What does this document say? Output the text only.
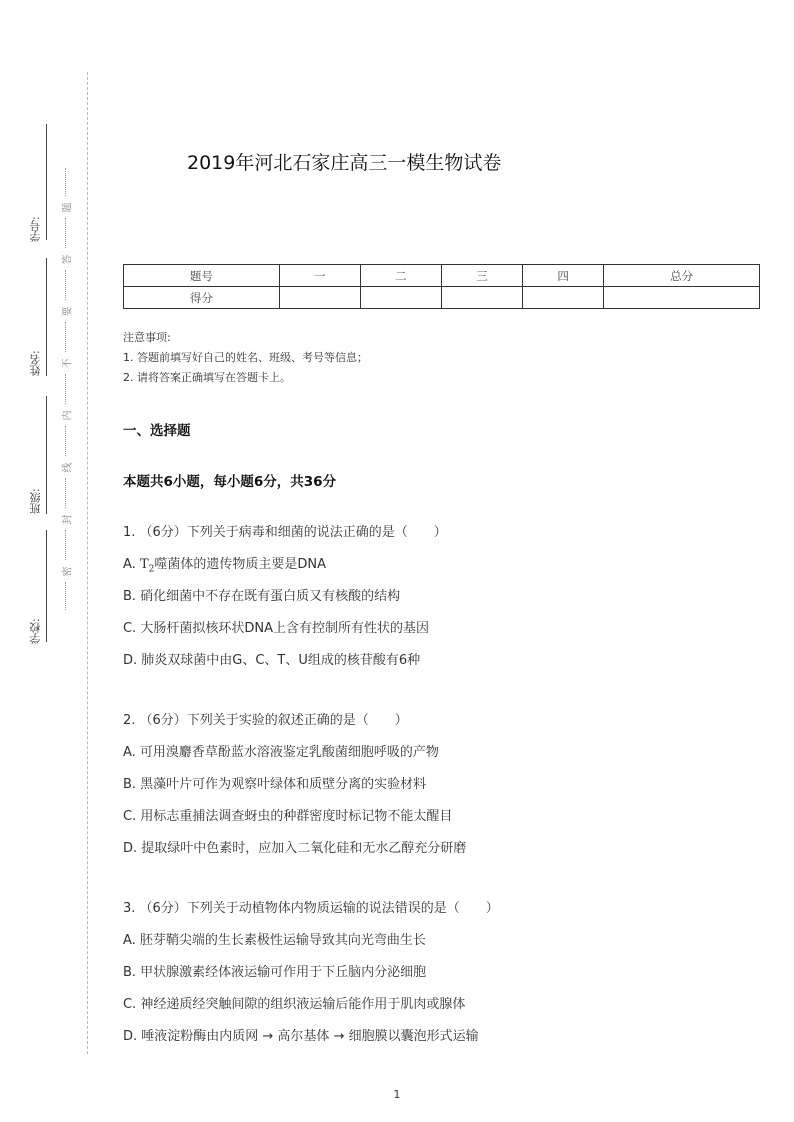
学号:
姓名:
班级:
学校:
题
答
要
不
内
线
封
密
2019年河北石家庄高三一模生物试卷
题号	一	二	三	四	总分
得分					
注意事项:
1. 答题前填写好自己的姓名、班级、考号等信息；
2. 请将答案正确填写在答题卡上。
一、选择题
本题共6小题，每小题6分，共36分
1. （6分）下列关于病毒和细菌的说法正确的是（　　）
A. $T_2$噬菌体的遗传物质主要是DNA
B. 硝化细菌中不存在既有蛋白质又有核酸的结构
C. 大肠杆菌拟核环状DNA上含有控制所有性状的基因
D. 肺炎双球菌中由G、C、T、U组成的核苷酸有6种
2. （6分）下列关于实验的叙述正确的是（　　）
A. 可用溴麝香草酚蓝水溶液鉴定乳酸菌细胞呼吸的产物
B. 黑藻叶片可作为观察叶绿体和质壁分离的实验材料
C. 用标志重捕法调查蚜虫的种群密度时标记物不能太醒目
D. 提取绿叶中色素时，应加入二氧化硅和无水乙醇充分研磨
3. （6分）下列关于动植物体内物质运输的说法错误的是（　　）
A. 胚芽鞘尖端的生长素极性运输导致其向光弯曲生长
B. 甲状腺激素经体液运输可作用于下丘脑内分泌细胞
C. 神经递质经突触间隙的组织液运输后能作用于肌肉或腺体
D. 唾液淀粉酶由内质网 → 高尔基体 → 细胞膜以囊泡形式运输
1
